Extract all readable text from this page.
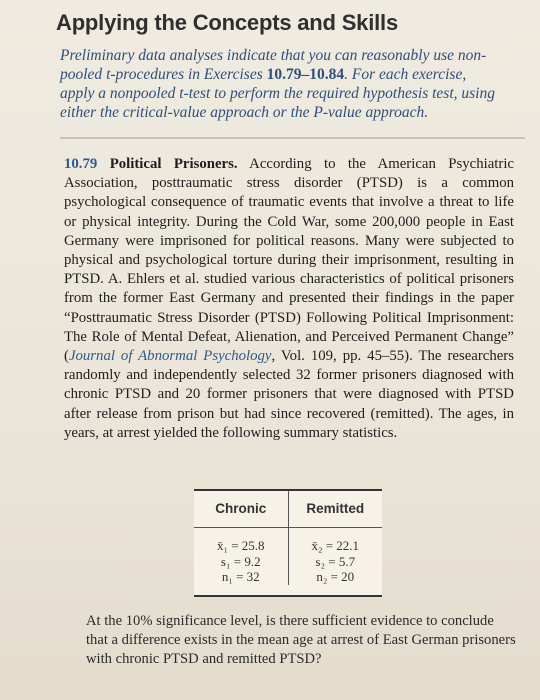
Applying the Concepts and Skills
Preliminary data analyses indicate that you can reasonably use non-pooled t-procedures in Exercises 10.79–10.84. For each exercise, apply a nonpooled t-test to perform the required hypothesis test, using either the critical-value approach or the P-value approach.
10.79 Political Prisoners. According to the American Psychiatric Association, posttraumatic stress disorder (PTSD) is a common psychological consequence of traumatic events that involve a threat to life or physical integrity. During the Cold War, some 200,000 people in East Germany were imprisoned for political reasons. Many were subjected to physical and psychological torture during their imprisonment, resulting in PTSD. A. Ehlers et al. studied various characteristics of political prisoners from the former East Germany and presented their findings in the paper “Posttraumatic Stress Disorder (PTSD) Following Political Imprisonment: The Role of Mental Defeat, Alienation, and Perceived Permanent Change” (Journal of Abnormal Psychology, Vol. 109, pp. 45–55). The researchers randomly and independently selected 32 former prisoners diagnosed with chronic PTSD and 20 former prisoners that were diagnosed with PTSD after release from prison but had since recovered (remitted). The ages, in years, at arrest yielded the following summary statistics.
Chronic	Remitted
x̄₁ = 25.8
s₁ = 9.2
n₁ = 32
x̄₂ = 22.1
s₂ = 5.7
n₂ = 20
At the 10% significance level, is there sufficient evidence to conclude that a difference exists in the mean age at arrest of East German prisoners with chronic PTSD and remitted PTSD?
